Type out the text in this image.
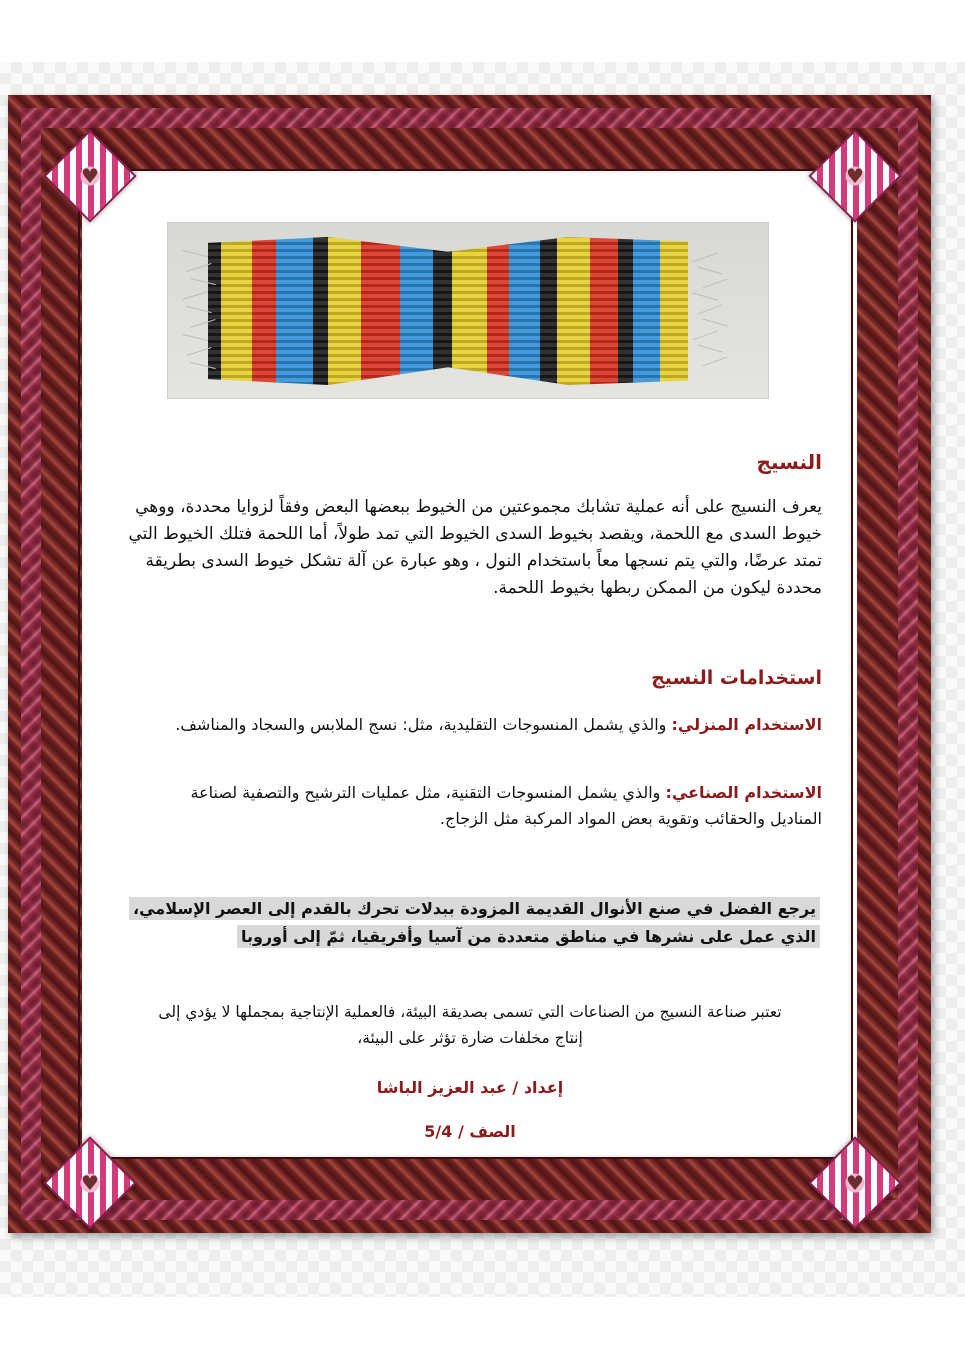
♥	♥
♥	♥
النسيج
يعرف النسيج على أنه عملية تشابك مجموعتين من الخيوط ببعضها البعض وفقاً لزوايا محددة، ووهي خيوط السدى مع اللحمة، ويقصد بخيوط السدى الخيوط التي تمد طولاً، أما اللحمة فتلك الخيوط التي تمتد عرضًا، والتي يتم نسجها معاً باستخدام النول ، وهو عبارة عن آلة تشكل خيوط السدى بطريقة محددة ليكون من الممكن ربطها بخيوط اللحمة.
استخدامات النسيج
الاستخدام المنزلي: والذي يشمل المنسوجات التقليدية، مثل: نسج الملابس والسجاد والمناشف.
الاستخدام الصناعي: والذي يشمل المنسوجات التقنية، مثل عمليات الترشيح والتصفية لصناعة المناديل والحقائب وتقوية بعض المواد المركبة مثل الزجاج.
يرجع الفضل في صنع الأنوال القديمة المزودة ببدلات تحرك بالقدم إلى العصر الإسلامي، الذي عمل على نشرها في مناطق متعددة من آسيا وأفريقيا، ثمّ إلى أوروبا
تعتبر صناعة النسيج من الصناعات التي تسمى بصديقة البيئة، فالعملية الإنتاجية بمجملها لا يؤدي إلى إنتاج مخلفات ضارة تؤثر على البيئة،
إعداد / عبد العزيز الباشا
الصف / 5/4
